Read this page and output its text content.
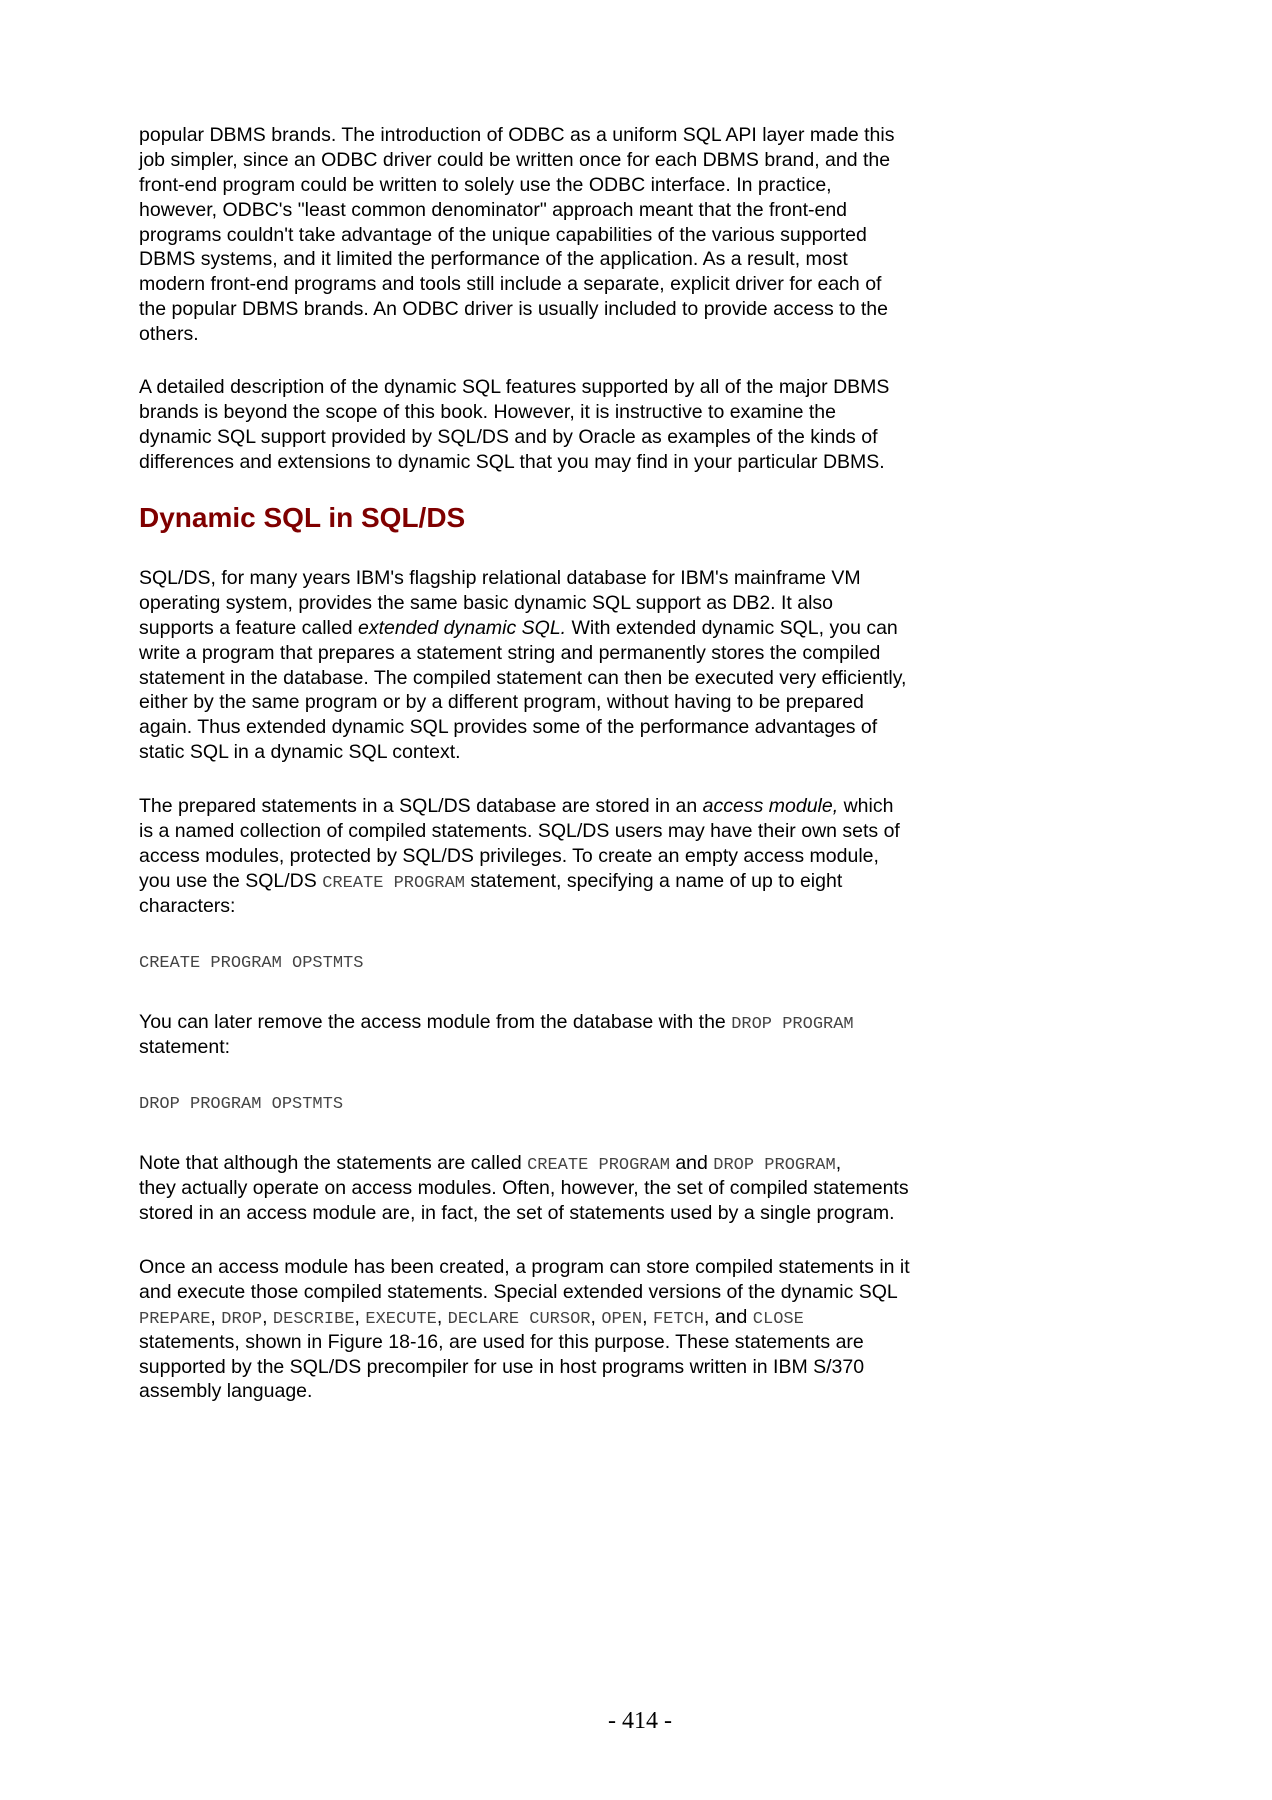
Dynamic SQL in SQL/DS
popular DBMS brands. The introduction of ODBC as a uniform SQL API layer made this
job simpler, since an ODBC driver could be written once for each DBMS brand, and the
front-end program could be written to solely use the ODBC interface. In practice,
however, ODBC's "least common denominator" approach meant that the front-end
programs couldn't take advantage of the unique capabilities of the various supported
DBMS systems, and it limited the performance of the application. As a result, most
modern front-end programs and tools still include a separate, explicit driver for each of
the popular DBMS brands. An ODBC driver is usually included to provide access to the
others.
A detailed description of the dynamic SQL features supported by all of the major DBMS
brands is beyond the scope of this book. However, it is instructive to examine the
dynamic SQL support provided by SQL/DS and by Oracle as examples of the kinds of
differences and extensions to dynamic SQL that you may find in your particular DBMS.
SQL/DS, for many years IBM's flagship relational database for IBM's mainframe VM
operating system, provides the same basic dynamic SQL support as DB2. It also
supports a feature called extended dynamic SQL. With extended dynamic SQL, you can
write a program that prepares a statement string and permanently stores the compiled
statement in the database. The compiled statement can then be executed very efficiently,
either by the same program or by a different program, without having to be prepared
again. Thus extended dynamic SQL provides some of the performance advantages of
static SQL in a dynamic SQL context.
The prepared statements in a SQL/DS database are stored in an access module, which
is a named collection of compiled statements. SQL/DS users may have their own sets of
access modules, protected by SQL/DS privileges. To create an empty access module,
you use the SQL/DS CREATE PROGRAM statement, specifying a name of up to eight
characters:
CREATE PROGRAM OPSTMTS
You can later remove the access module from the database with the DROP PROGRAM
statement:
DROP PROGRAM OPSTMTS
Note that although the statements are called CREATE PROGRAM and DROP PROGRAM,
they actually operate on access modules. Often, however, the set of compiled statements
stored in an access module are, in fact, the set of statements used by a single program.
Once an access module has been created, a program can store compiled statements in it
and execute those compiled statements. Special extended versions of the dynamic SQL
PREPARE, DROP, DESCRIBE, EXECUTE, DECLARE CURSOR, OPEN, FETCH, and CLOSE
statements, shown in Figure 18-16, are used for this purpose. These statements are
supported by the SQL/DS precompiler for use in host programs written in IBM S/370
assembly language.
- 414 -
